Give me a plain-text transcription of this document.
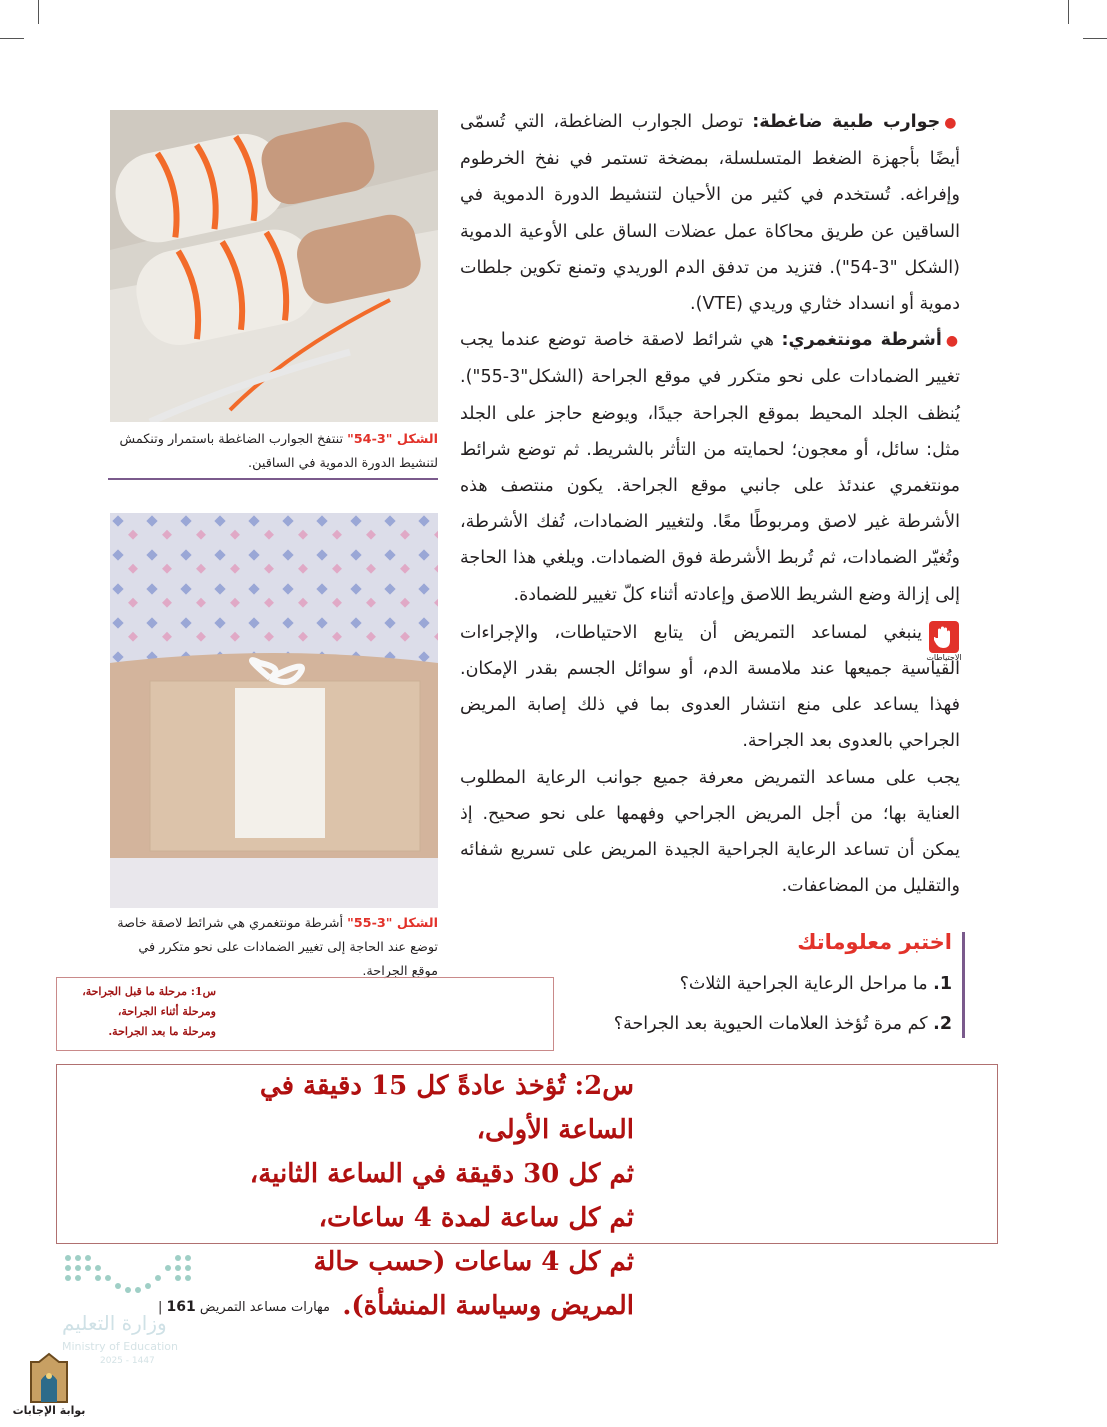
الشكل "3-54" تنتفخ الجوارب الضاغطة باستمرار وتنكمش لتنشيط الدورة الدموية في الساقين.
الشكل "3-55" أشرطة مونتغمري هي شرائط لاصقة خاصة توضع عند الحاجة إلى تغيير الضمادات على نحو متكرر في موقع الجراحة.

●جوارب طبية ضاغطة: توصل الجوارب الضاغطة، التي تُسمّى أيضًا بأجهزة الضغط المتسلسلة، بمضخة تستمر في نفخ الخرطوم وإفراغه. تُستخدم في كثير من الأحيان لتنشيط الدورة الدموية في الساقين عن طريق محاكاة عمل عضلات الساق على الأوعية الدموية (الشكل "3-54"). فتزيد من تدفق الدم الوريدي وتمنع تكوين جلطات دموية أو انسداد خثاري وريدي (VTE).

●أشرطة مونتغمري: هي شرائط لاصقة خاصة توضع عندما يجب تغيير الضمادات على نحو متكرر في موقع الجراحة (الشكل"3-55"). يُنظف الجلد المحيط بموقع الجراحة جيدًا، ويوضع حاجز على الجلد مثل: سائل، أو معجون؛ لحمايته من التأثر بالشريط. ثم توضع شرائط مونتغمري عندئذ على جانبي موقع الجراحة. يكون منتصف هذه الأشرطة غير لاصق ومربوطًا معًا. ولتغيير الضمادات، تُفك الأشرطة، وتُغيّر الضمادات، ثم تُربط الأشرطة فوق الضمادات. ويلغي هذا الحاجة إلى إزالة وضع الشريط اللاصق وإعادته أثناء كلّ تغيير للضمادة.

الاحتياطات

ينبغي لمساعد التمريض أن يتابع الاحتياطات، والإجراءات القياسية جميعها عند ملامسة الدم، أو سوائل الجسم بقدر الإمكان. فهذا يساعد على منع انتشار العدوى بما في ذلك إصابة المريض الجراحي بالعدوى بعد الجراحة.

يجب على مساعد التمريض معرفة جميع جوانب الرعاية المطلوب العناية بها؛ من أجل المريض الجراحي وفهمها على نحو صحيح. إذ يمكن أن تساعد الرعاية الجراحية الجيدة المريض على تسريع شفائه والتقليل من المضاعفات.

اختبر معلوماتك
1. ما مراحل الرعاية الجراحية الثلاث؟
2. كم مرة تُؤخذ العلامات الحيوية بعد الجراحة؟
س1: مرحلة ما قبل الجراحة،
ومرحلة أثناء الجراحة،
ومرحلة ما بعد الجراحة.
س2: تُؤخذ عادةً كل 15 دقيقة في الساعة الأولى،
ثم كل 30 دقيقة في الساعة الثانية،
ثم كل ساعة لمدة 4 ساعات،
ثم كل 4 ساعات (حسب حالة المريض وسياسة المنشأة).
وزارة التعليم
Ministry of Education
2025 - 1447
مهارات مساعد التمريض 161 |
بوابة الإجابات
